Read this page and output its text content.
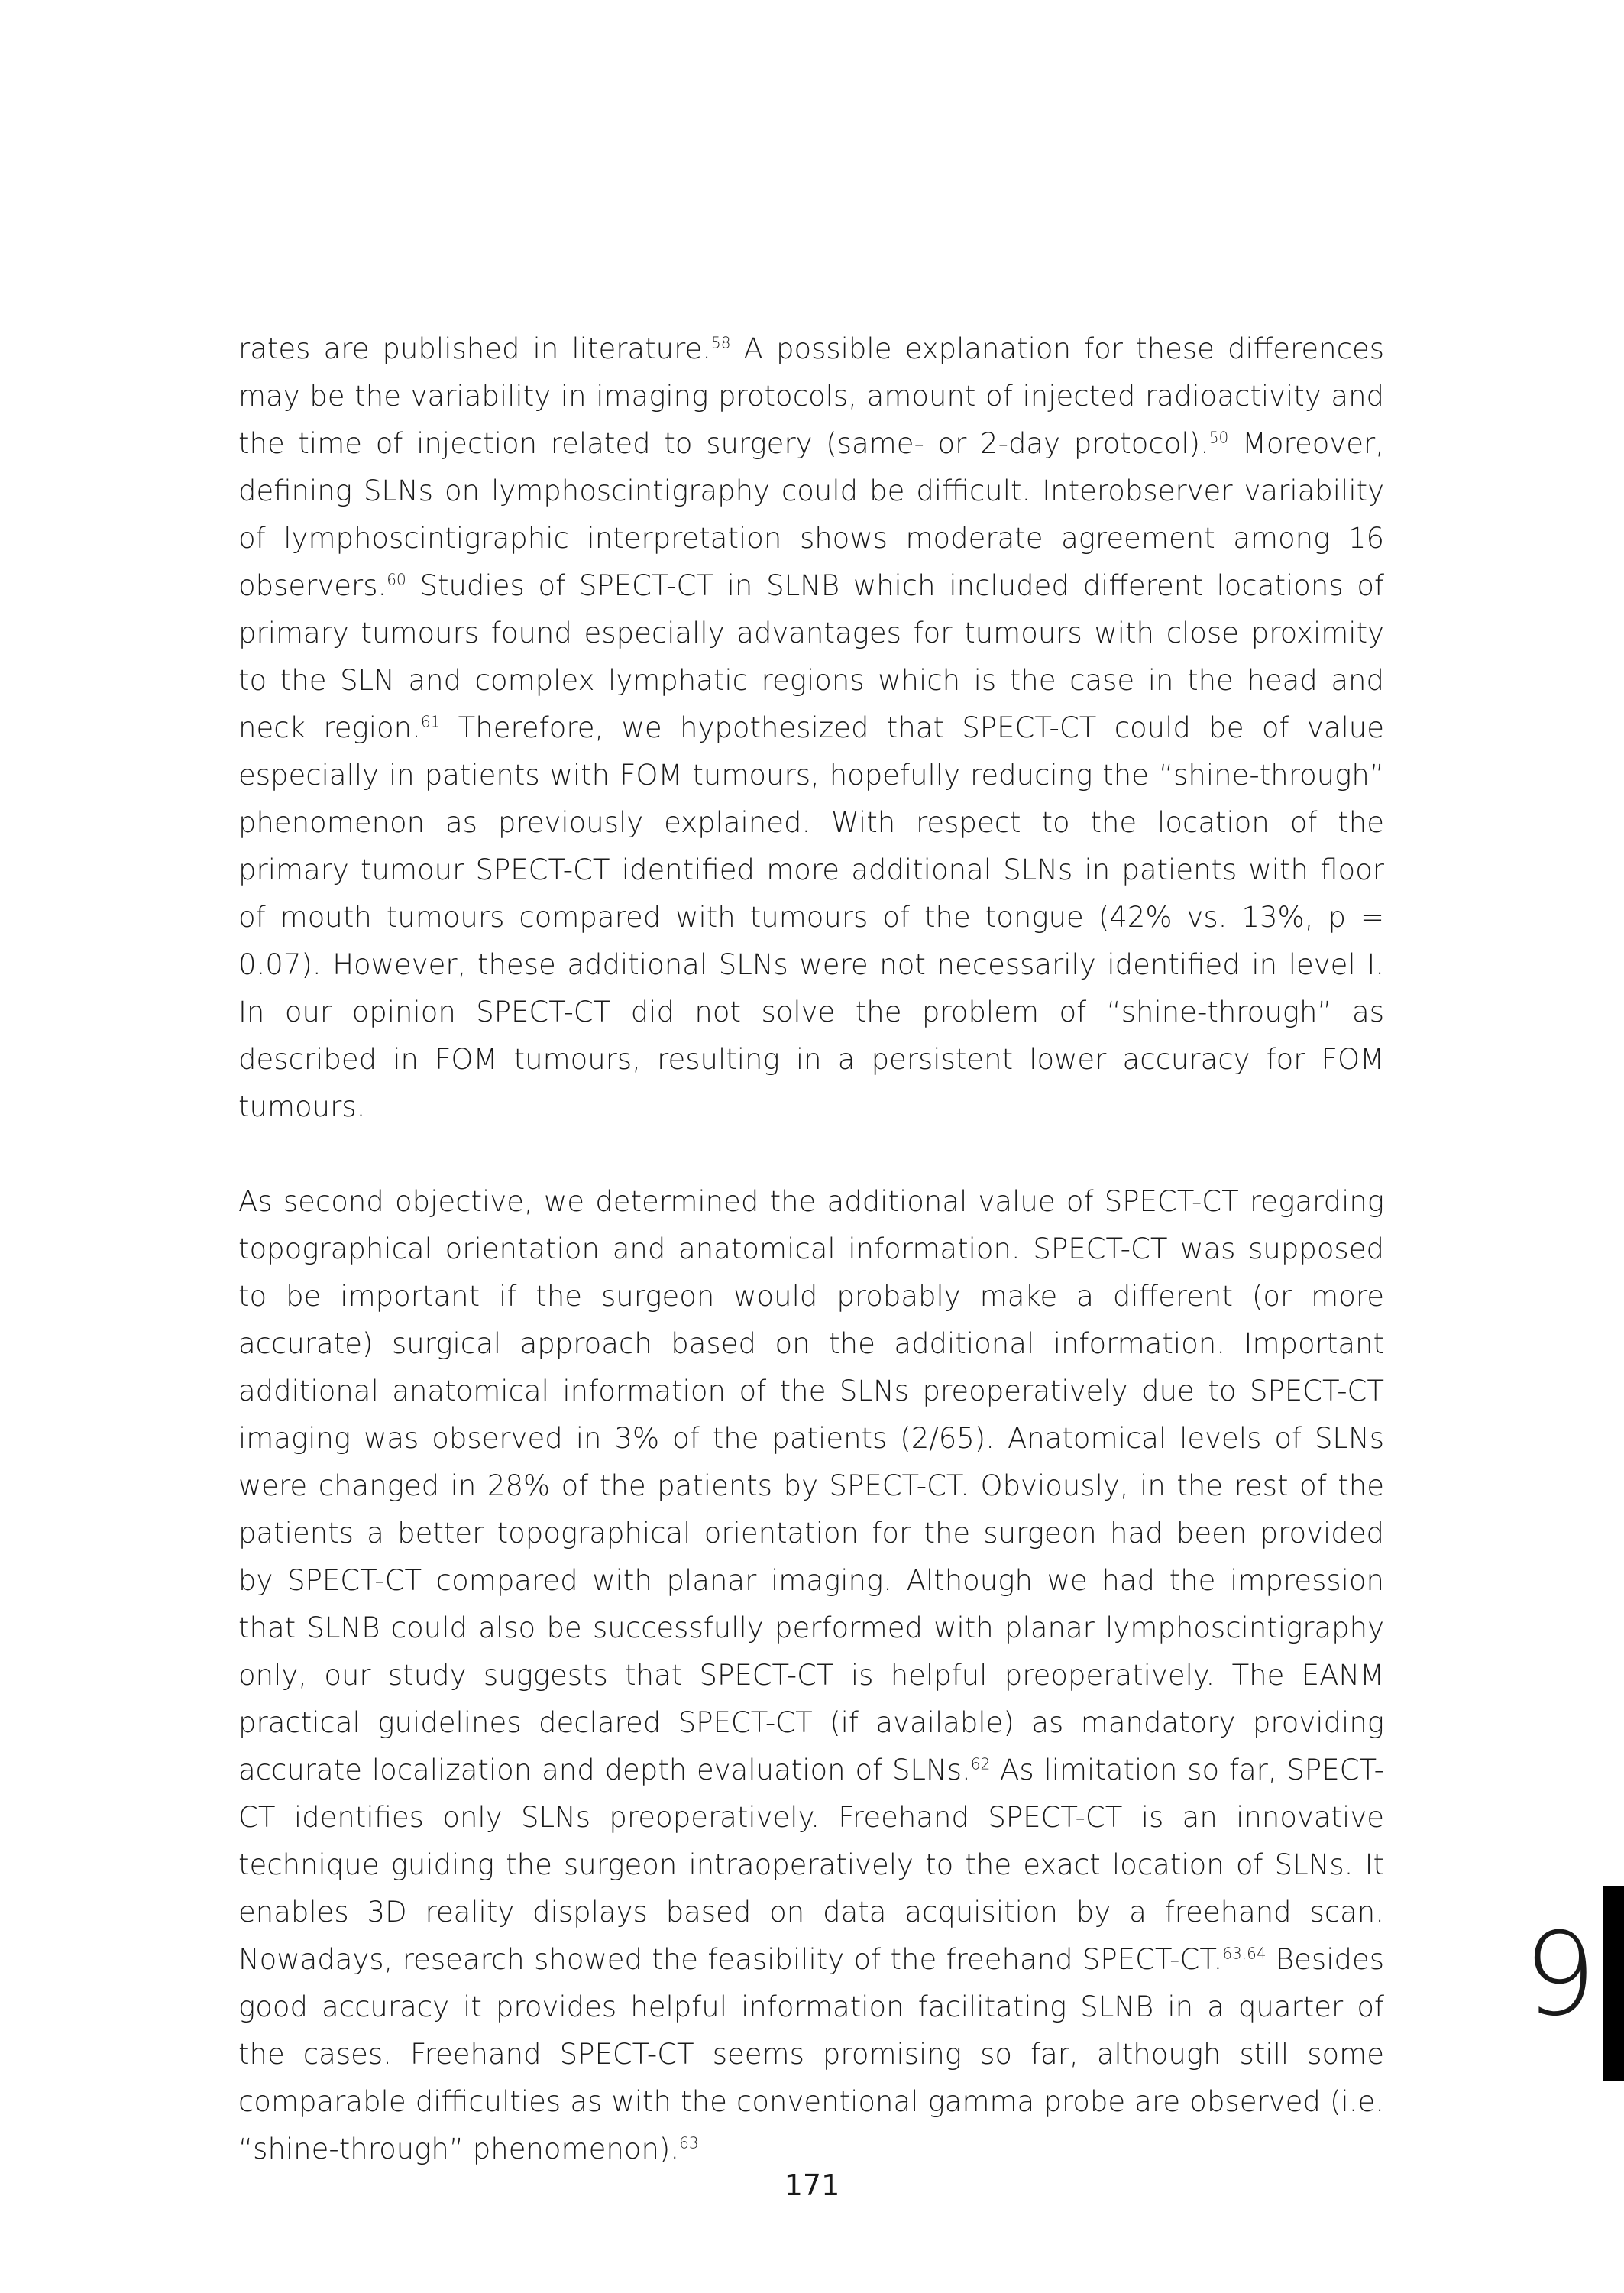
rates are published in literature.$^{58}$ A possible explanation for these differences may be the variability in imaging protocols, amount of injected radioactivity and the time of injection related to surgery (same- or 2-day protocol).$^{50}$ Moreover, defining SLNs on lymphoscintigraphy could be difficult. Interobserver variability of lymphoscintigraphic interpretation shows moderate agreement among 16 observers.$^{60}$ Studies of SPECT-CT in SLNB which included different locations of primary tumours found especially advantages for tumours with close proximity to the SLN and complex lymphatic regions which is the case in the head and neck region.$^{61}$ Therefore, we hypothesized that SPECT-CT could be of value especially in patients with FOM tumours, hopefully reducing the “shine-through” phenomenon as previously explained. With respect to the location of the primary tumour SPECT-CT identified more additional SLNs in patients with floor of mouth tumours compared with tumours of the tongue (42% vs. 13%, p = 0.07). However, these additional SLNs were not necessarily identified in level I. In our opinion SPECT-CT did not solve the problem of “shine-through” as described in FOM tumours, resulting in a persistent lower accuracy for FOM tumours.

As second objective, we determined the additional value of SPECT-CT regarding topographical orientation and anatomical information. SPECT-CT was supposed to be important if the surgeon would probably make a different (or more accurate) surgical approach based on the additional information. Important additional anatomical information of the SLNs preoperatively due to SPECT-CT imaging was observed in 3% of the patients (2/65). Anatomical levels of SLNs were changed in 28% of the patients by SPECT-CT. Obviously, in the rest of the patients a better topographical orientation for the surgeon had been provided by SPECT-CT compared with planar imaging. Although we had the impression that SLNB could also be successfully performed with planar lymphoscintigraphy only, our study suggests that SPECT-CT is helpful preoperatively. The EANM practical guidelines declared SPECT-CT (if available) as mandatory providing accurate localization and depth evaluation of SLNs.$^{62}$ As limitation so far, SPECT-CT identifies only SLNs preoperatively. Freehand SPECT-CT is an innovative technique guiding the surgeon intraoperatively to the exact location of SLNs. It enables 3D reality displays based on data acquisition by a freehand scan. Nowadays, research showed the feasibility of the freehand SPECT-CT.$^{63,64}$ Besides good accuracy it provides helpful information facilitating SLNB in a quarter of the cases. Freehand SPECT-CT seems promising so far, although still some comparable difficulties as with the conventional gamma probe are observed (i.e. “shine-through” phenomenon).$^{63}$

171
9
